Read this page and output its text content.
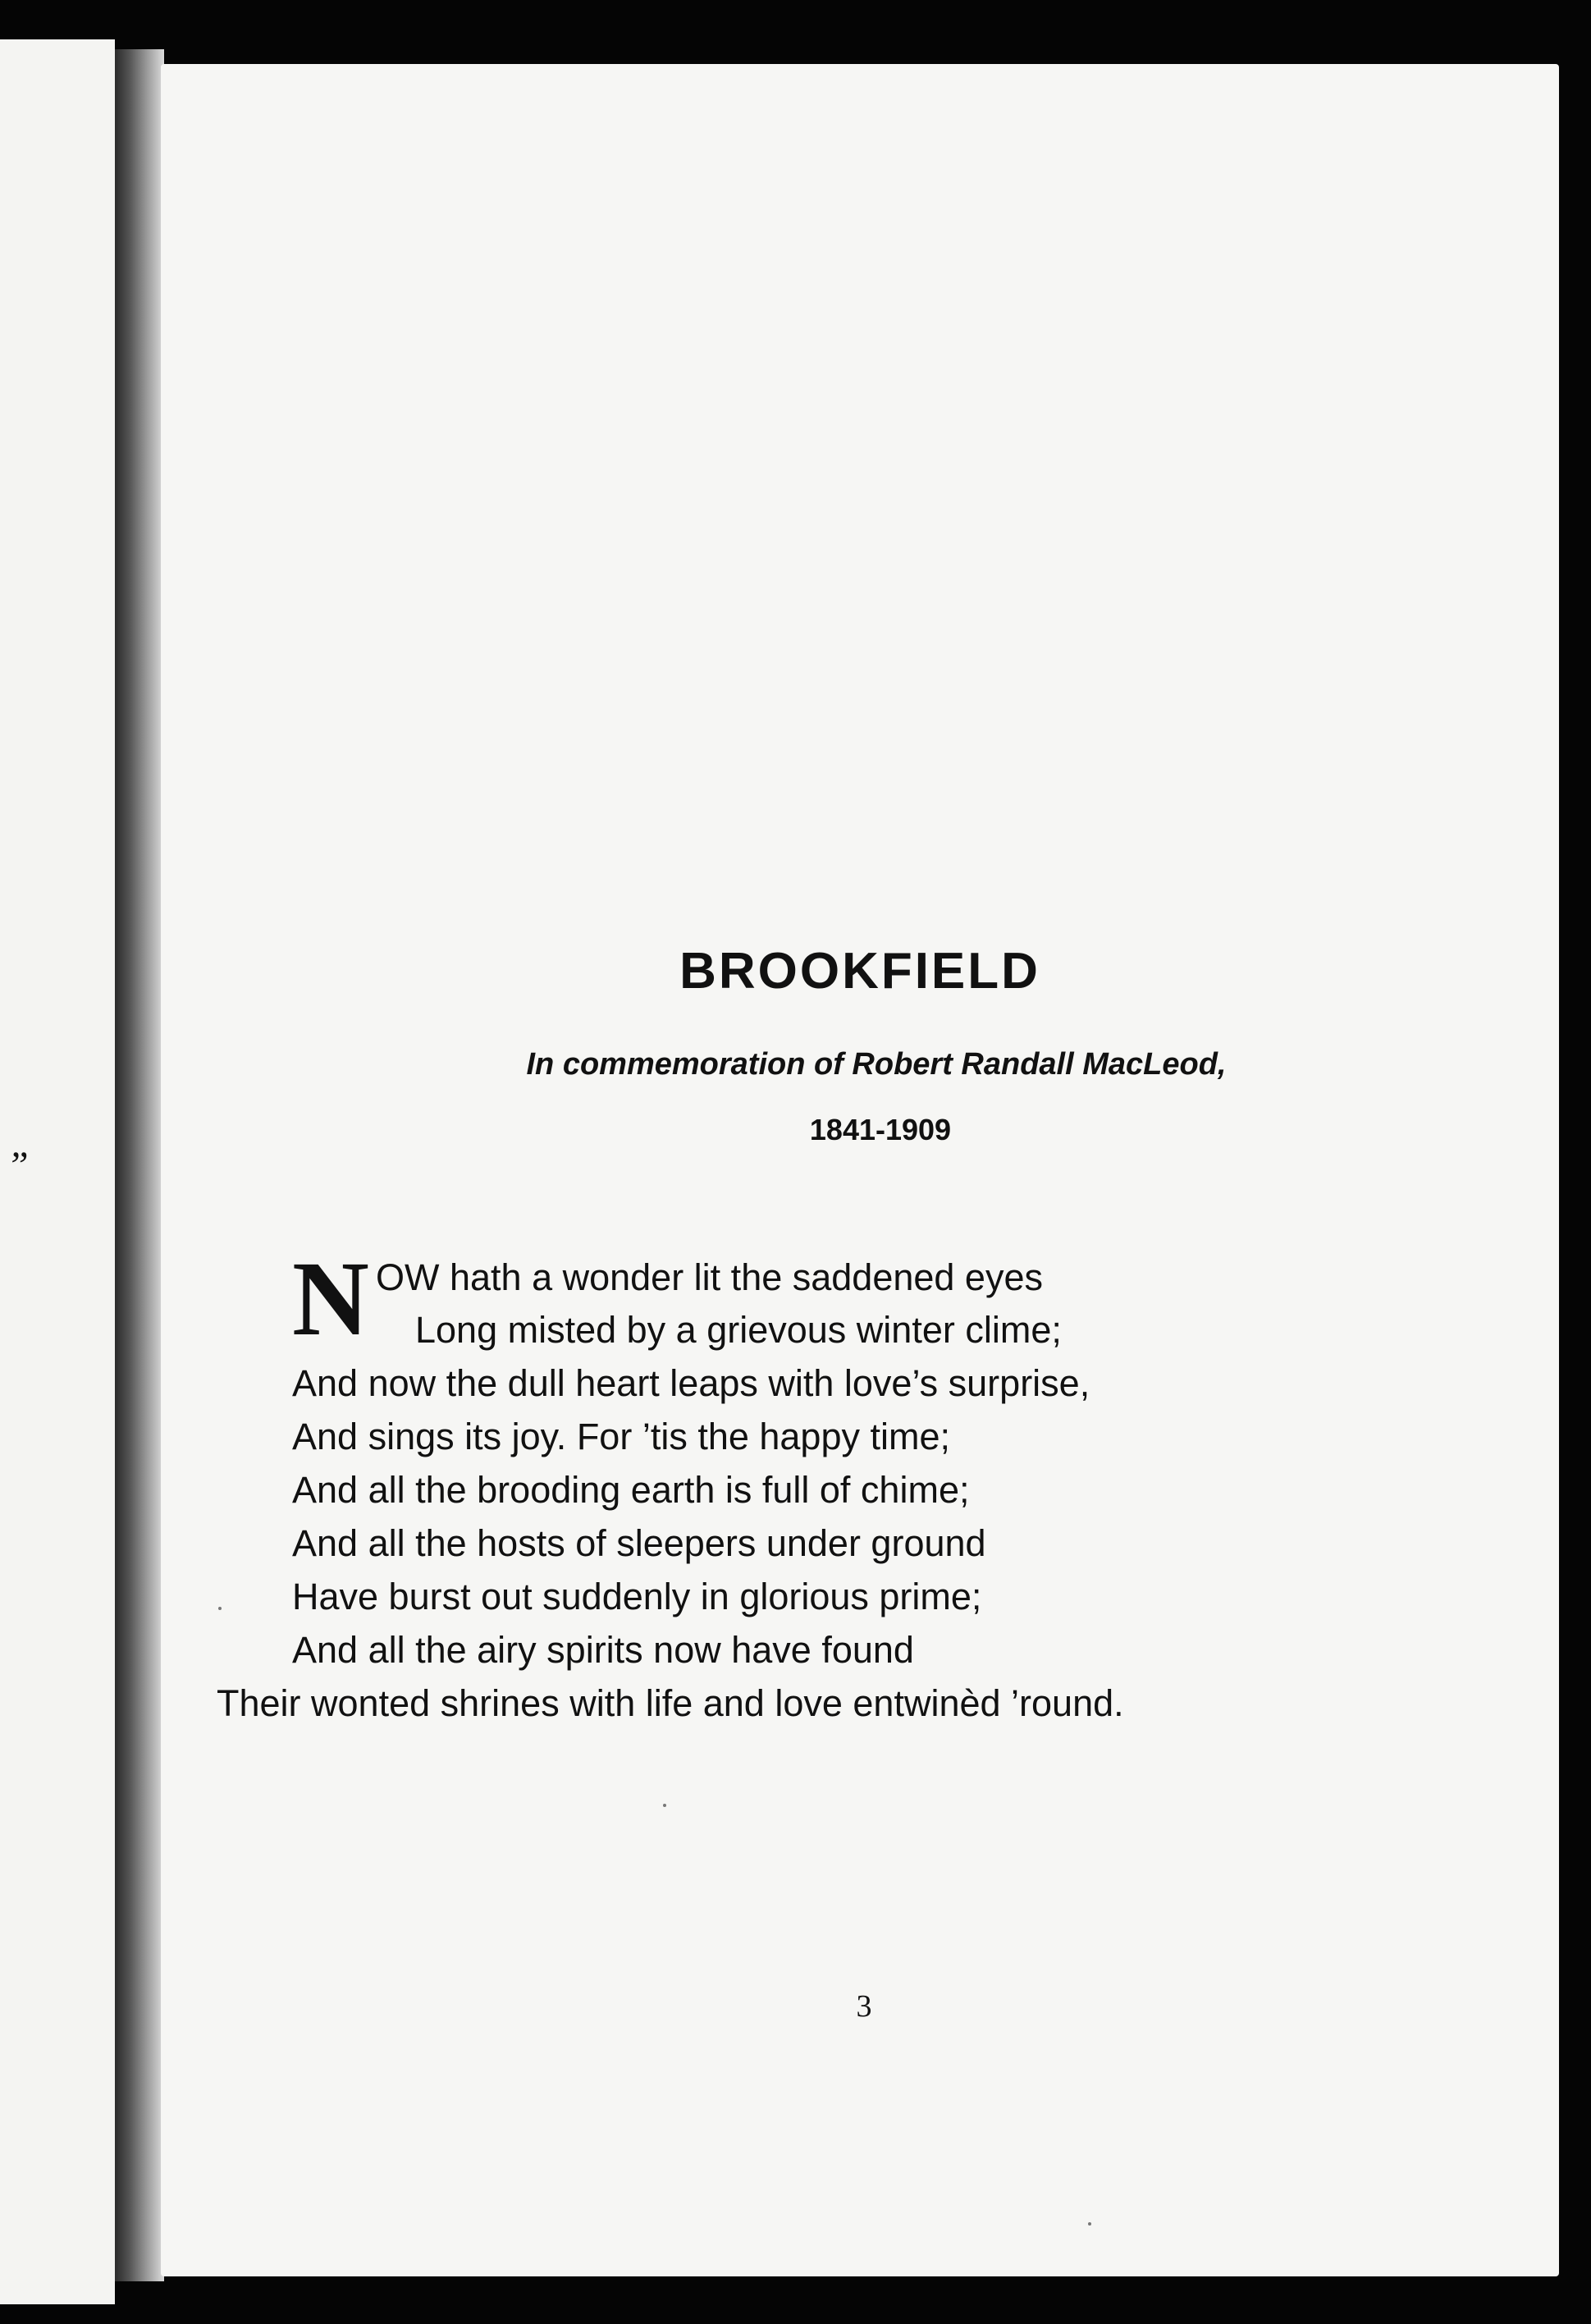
”
BROOKFIELD
In commemoration of Robert Randall MacLeod,
1841-1909
N OW hath a wonder lit the saddened eyes
Long misted by a grievous winter clime;
And now the dull heart leaps with love’s surprise,
And sings its joy. For ’tis the happy time;
And all the brooding earth is full of chime;
And all the hosts of sleepers under ground
Have burst out suddenly in glorious prime;
And all the airy spirits now have found
Their wonted shrines with life and love entwinèd ’round.
3
